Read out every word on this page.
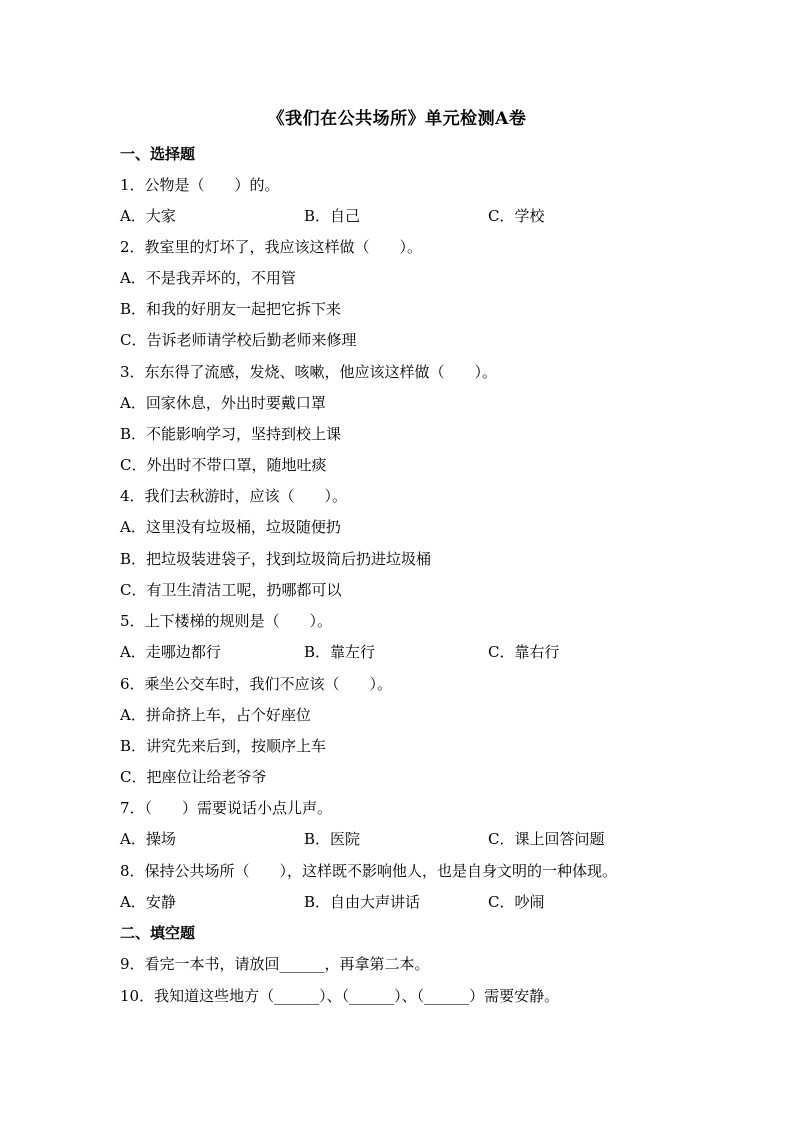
《我们在公共场所》单元检测A卷
一、选择题
1．公物是（　　）的。
A．大家	B．自己	C．学校
2．教室里的灯坏了，我应该这样做（　　）。
A．不是我弄坏的，不用管
B．和我的好朋友一起把它拆下来
C．告诉老师请学校后勤老师来修理
3．东东得了流感，发烧、咳嗽，他应该这样做（　　）。
A．回家休息，外出时要戴口罩
B．不能影响学习，坚持到校上课
C．外出时不带口罩，随地吐痰
4．我们去秋游时，应该（　　）。
A．这里没有垃圾桶，垃圾随便扔
B．把垃圾装进袋子，找到垃圾筒后扔进垃圾桶
C．有卫生清洁工呢，扔哪都可以
5．上下楼梯的规则是（　　）。
A．走哪边都行	B．靠左行	C．靠右行
6．乘坐公交车时，我们不应该（　　）。
A．拼命挤上车，占个好座位
B．讲究先来后到，按顺序上车
C．把座位让给老爷爷
7．（　　）需要说话小点儿声。
A．操场	B．医院	C．课上回答问题
8．保持公共场所（　　），这样既不影响他人，也是自身文明的一种体现。
A．安静	B．自由大声讲话	C．吵闹
二、填空题
9．看完一本书，请放回______，再拿第二本。
10．我知道这些地方（______）、（______）、（______）需要安静。
